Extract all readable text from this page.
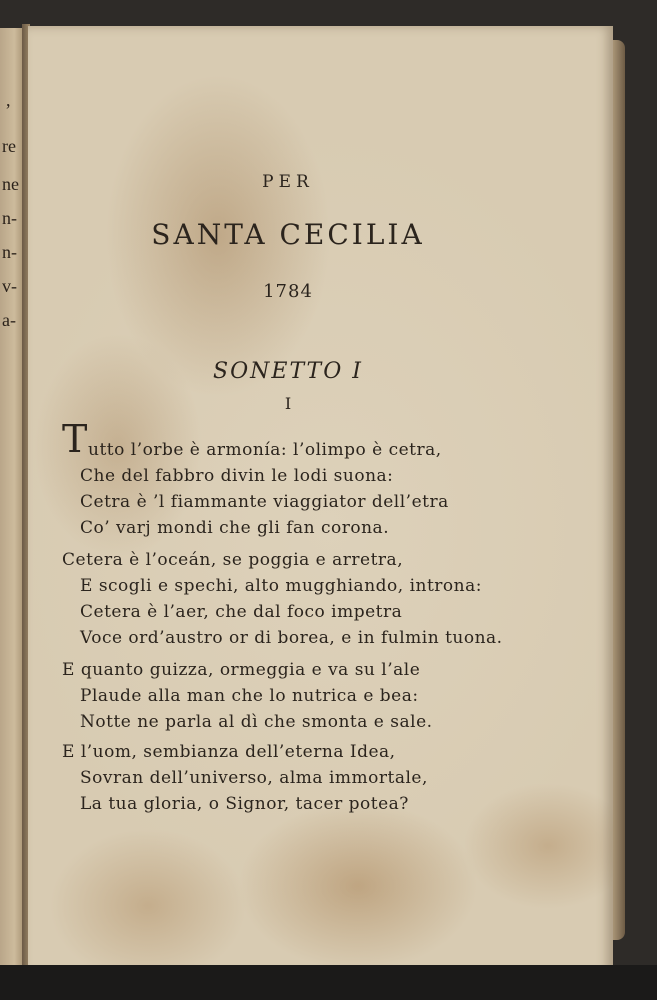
,
re
ne
n-
n-
v-
a-
PER
SANTA CECILIA
1784
SONETTO I
I
T utto l’orbe è armonía: l’olimpo è cetra,
Che del fabbro divin le lodi suona:
Cetra è ’l fiammante viaggiator dell’etra
Co’ varj mondi che gli fan corona.
Cetera è l’oceán, se poggia e arretra,
E scogli e spechi, alto mugghiando, introna:
Cetera è l’aer, che dal foco impetra
Voce ord’austro or di borea, e in fulmin tuona.
E quanto guizza, ormeggia e va su l’ale
Plaude alla man che lo nutrica e bea:
Notte ne parla al dì che smonta e sale.
E l’uom, sembianza dell’eterna Idea,
Sovran dell’universo, alma immortale,
La tua gloria, o Signor, tacer potea?
